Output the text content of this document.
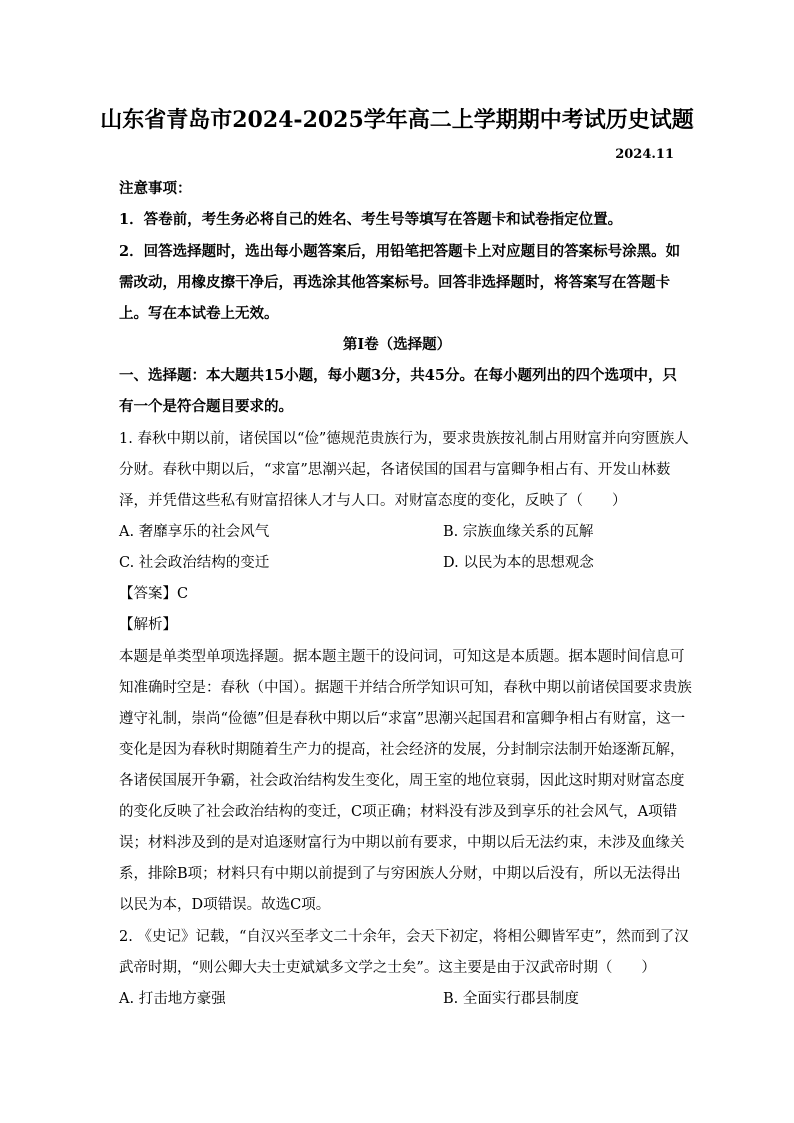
山东省青岛市2024-2025学年高二上学期期中考试历史试题
2024.11
注意事项：
1．答卷前，考生务必将自己的姓名、考生号等填写在答题卡和试卷指定位置。
2．回答选择题时，选出每小题答案后，用铅笔把答题卡上对应题目的答案标号涂黑。如
需改动，用橡皮擦干净后，再选涂其他答案标号。回答非选择题时，将答案写在答题卡
上。写在本试卷上无效。
第Ⅰ卷（选择题）
一、选择题：本大题共15小题，每小题3分，共45分。在每小题列出的四个选项中，只
有一个是符合题目要求的。
1. 春秋中期以前，诸侯国以“俭”德规范贵族行为，要求贵族按礼制占用财富并向穷匮族人
分财。春秋中期以后，“求富”思潮兴起，各诸侯国的国君与富卿争相占有、开发山林薮
泽，并凭借这些私有财富招徕人才与人口。对财富态度的变化，反映了（　　）
A. 奢靡享乐的社会风气	B. 宗族血缘关系的瓦解
C. 社会政治结构的变迁	D. 以民为本的思想观念
【答案】C
【解析】
本题是单类型单项选择题。据本题主题干的设问词，可知这是本质题。据本题时间信息可
知准确时空是：春秋（中国）。据题干并结合所学知识可知，春秋中期以前诸侯国要求贵族
遵守礼制，崇尚“俭德”但是春秋中期以后“求富”思潮兴起国君和富卿争相占有财富，这一
变化是因为春秋时期随着生产力的提高，社会经济的发展，分封制宗法制开始逐渐瓦解，
各诸侯国展开争霸，社会政治结构发生变化，周王室的地位衰弱，因此这时期对财富态度
的变化反映了社会政治结构的变迁，C项正确；材料没有涉及到享乐的社会风气，A项错
误；材料涉及到的是对追逐财富行为中期以前有要求，中期以后无法约束，未涉及血缘关
系，排除B项；材料只有中期以前提到了与穷困族人分财，中期以后没有，所以无法得出
以民为本，D项错误。故选C项。
2. 《史记》记载，“自汉兴至孝文二十余年，会天下初定，将相公卿皆军吏”，然而到了汉
武帝时期，“则公卿大夫士吏斌斌多文学之士矣”。这主要是由于汉武帝时期（　　）
A. 打击地方豪强	B. 全面实行郡县制度
